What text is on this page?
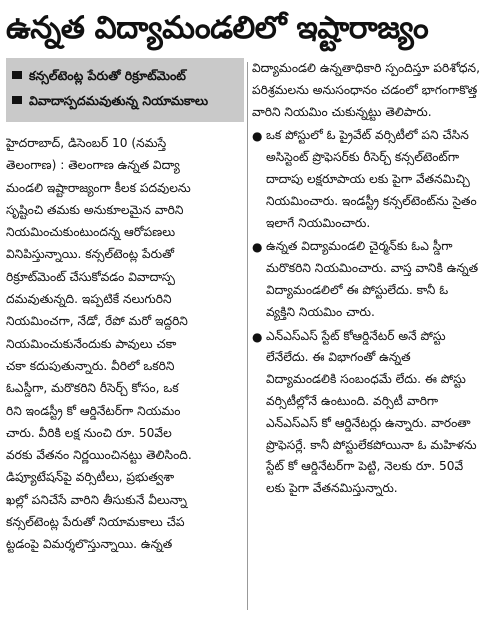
ఉన్నత విద్యామండలిలో ఇష్టారాజ్యం
కన్సల్‌టెంట్ల పేరుతో రిక్రూట్‌మెంట్
వివాదాస్పదమవుతున్న నియామకాలు
హైదరాబాద్, డిసెంబర్ 10 (నమస్తే
తెలంగాణ) : తెలంగాణ ఉన్నత విద్యా
మండలి ఇష్టారాజ్యంగా కీలక పదవులను
సృష్టించి తమకు అనుకూలమైన వారిని
నియమించుకుంటుందన్న ఆరోపణలు
వినిపిస్తున్నాయి. కన్సల్‌టెంట్ల పేరుతో
రిక్రూట్‌మెంట్ చేసుకోవడం వివాదాస్ప
దమవుతున్నది. ఇప్పటికే నలుగురిని
నియమించగా, నేడో, రేపో మరో ఇద్దరిని
నియమించుకునేందుకు పావులు చకా
చకా కదుపుతున్నారు. వీరిలో ఒకరిని
ఓఎస్డీగా, మరొకరిని రీసెర్చ్ కోసం, ఒక
రిని ఇండస్ట్రీ కో ఆర్డినేటర్‌గా నియమం
చారు. వీరికి లక్ష నుంచి రూ. 50వేల
వరకు వేతనం నిర్ణయించినట్టు తెలిసింది.
డిప్యూటేషన్‌పై వర్సిటీలు, ప్రభుత్వశా
ఖల్లో పనిచేసే వారిని తీసుకునే వీలున్నా
కన్సల్‌టెంట్ల పేరుతో నియామకాలు చేప
ట్టడంపై విమర్శలొస్తున్నాయి. ఉన్నత
విద్యామండలి ఉన్నతాధికారి స్పందిస్తూ పరిశోధన, పరిశ్రమలను అనుసంధానం చడంలో భాగంగాకొత్త వారిని నియమిం చుకున్నట్టు తెలిపారు.
● ఒక పోస్టులో ఓ ప్రైవేట్ వర్సిటీలో పని చేసిన అసిస్టెంట్ ప్రొఫెసర్‌కు రీసెర్చ్ కన్సల్‌టెంట్‌గా దాదాపు లక్షరూపాయ లకు పైగా వేతనమిచ్చి నియమించారు. ఇండస్ట్రీ కన్సల్‌టెంట్‌ను సైతం ఇలాగే నియమించారు.
● ఉన్నత విద్యామండలి చైర్మన్‌కు ఓఎ స్డీగా మరొకరిని నియమించారు. వాస్త వానికి ఉన్నత విద్యామండలిలో ఈ పోస్టులేదు. కానీ ఓ వ్యక్తిని నియమిం చారు.
● ఎన్‌ఎస్‌ఎస్ స్టేట్ కోఆర్డినేటర్ అనే పోస్టు లేనేలేదు. ఈ విభాగంతో ఉన్నత విద్యామండలికి సంబంధమే లేదు. ఈ పోస్టు వర్సిటీల్లోనే ఉంటుంది. వర్సిటీ వారిగా ఎన్‌ఎస్‌ఎస్ కో ఆర్డినేటర్లు ఉన్నారు. వారంతా ప్రొఫెసర్లే. కానీ పోస్టులేకపోయినా ఓ మహిళను స్టేట్ కో ఆర్డినేటర్‌గా పెట్టి, నెలకు రూ. 50వే లకు పైగా వేతనమిస్తున్నారు.
